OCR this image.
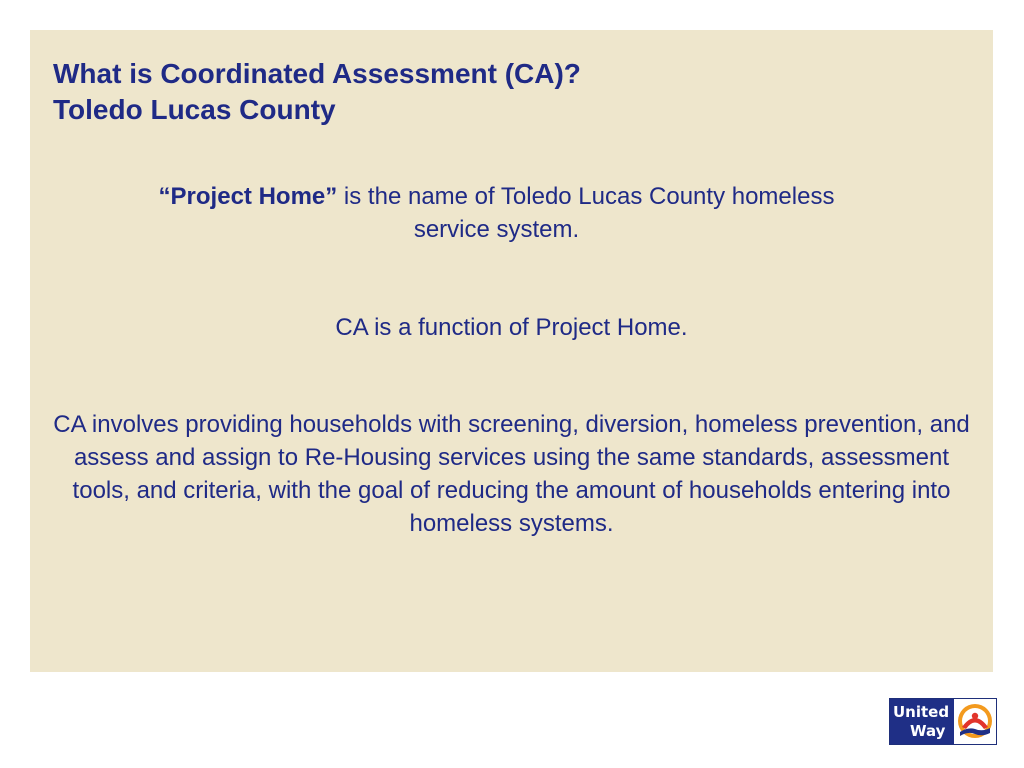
What is Coordinated Assessment (CA)?
Toledo Lucas County

“Project Home” is the name of Toledo Lucas County homeless service system.

CA is a function of Project Home.

CA involves providing households with screening, diversion, homeless prevention, and assess and assign to Re-Housing services using the same standards, assessment tools, and criteria, with the goal of reducing the amount of households entering into homeless systems.

United
Way
